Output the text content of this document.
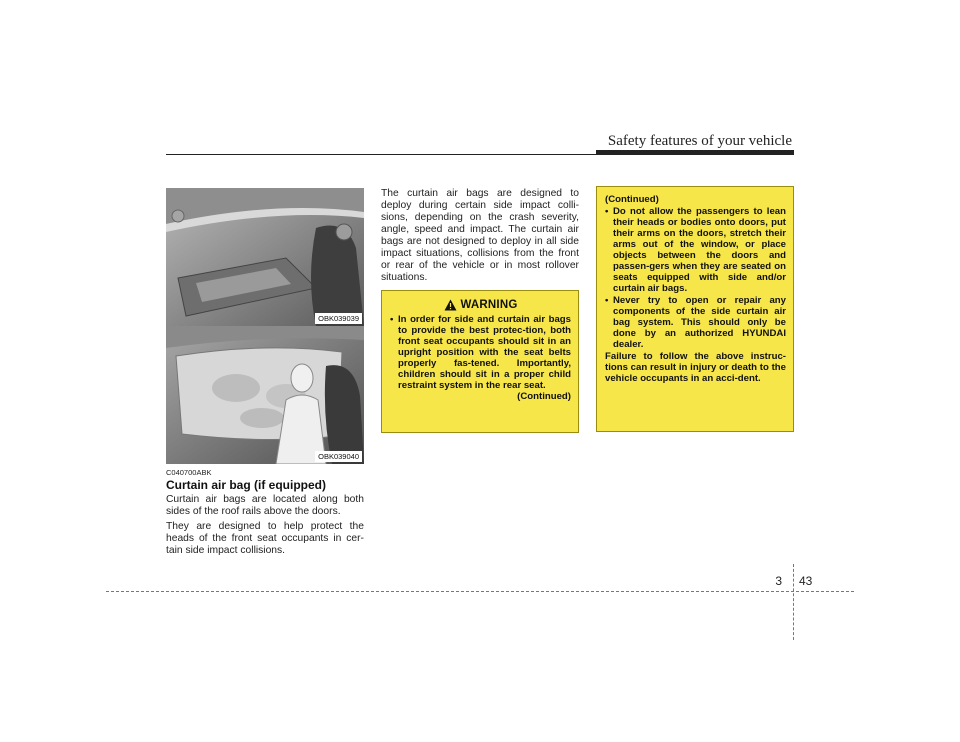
Safety features of your vehicle
OBK039039
OBK039040
C040700ABK
Curtain air bag (if equipped)

Curtain air bags are located along both sides of the roof rails above the doors.

They are designed to help protect the heads of the front seat occupants in cer-tain side impact collisions.

The curtain air bags are designed to deploy during certain side impact colli-sions, depending on the crash severity, angle, speed and impact. The curtain air bags are not designed to deploy in all side impact situations, collisions from the front or rear of the vehicle or in most rollover situations.

WARNING
• In order for side and curtain air bags to provide the best protec-tion, both front seat occupants should sit in an upright position with the seat belts properly fas-tened. Importantly, children should sit in a proper child restraint system in the rear seat.
(Continued)
(Continued)
• Do not allow the passengers to lean their heads or bodies onto doors, put their arms on the doors, stretch their arms out of the window, or place objects between the doors and passen-gers when they are seated on seats equipped with side and/or curtain air bags.
• Never try to open or repair any components of the side curtain air bag system. This should only be done by an authorized HYUNDAI dealer.
Failure to follow the above instruc-tions can result in injury or death to the vehicle occupants in an acci-dent.
3 43
